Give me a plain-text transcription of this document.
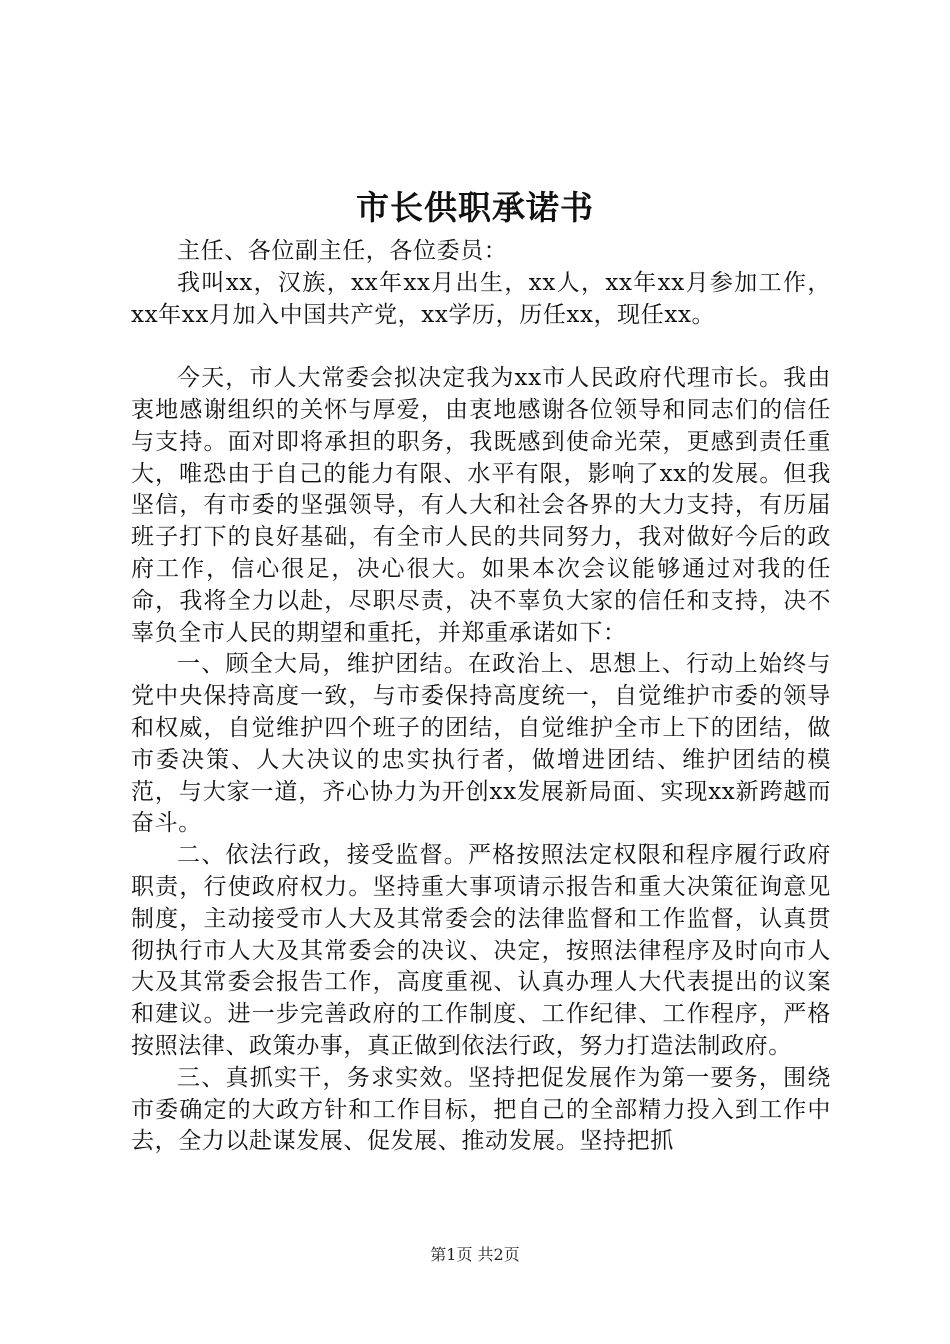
市长供职承诺书

主任、各位副主任，各位委员：

我叫xx，汉族，xx年xx月出生，xx人，xx年xx月参加工作，xx年xx月加入中国共产党，xx学历，历任xx，现任xx。

今天，市人大常委会拟决定我为xx市人民政府代理市长。我由衷地感谢组织的关怀与厚爱，由衷地感谢各位领导和同志们的信任与支持。面对即将承担的职务，我既感到使命光荣，更感到责任重大，唯恐由于自己的能力有限、水平有限，影响了xx的发展。但我坚信，有市委的坚强领导，有人大和社会各界的大力支持，有历届班子打下的良好基础，有全市人民的共同努力，我对做好今后的政府工作，信心很足，决心很大。如果本次会议能够通过对我的任命，我将全力以赴，尽职尽责，决不辜负大家的信任和支持，决不辜负全市人民的期望和重托，并郑重承诺如下：

一、顾全大局，维护团结。在政治上、思想上、行动上始终与党中央保持高度一致，与市委保持高度统一，自觉维护市委的领导和权威，自觉维护四个班子的团结，自觉维护全市上下的团结，做市委决策、人大决议的忠实执行者，做增进团结、维护团结的模范，与大家一道，齐心协力为开创xx发展新局面、实现xx新跨越而奋斗。

二、依法行政，接受监督。严格按照法定权限和程序履行政府职责，行使政府权力。坚持重大事项请示报告和重大决策征询意见制度，主动接受市人大及其常委会的法律监督和工作监督，认真贯彻执行市人大及其常委会的决议、决定，按照法律程序及时向市人大及其常委会报告工作，高度重视、认真办理人大代表提出的议案和建议。进一步完善政府的工作制度、工作纪律、工作程序，严格按照法律、政策办事，真正做到依法行政，努力打造法制政府。

三、真抓实干，务求实效。坚持把促发展作为第一要务，围绕市委确定的大政方针和工作目标，把自己的全部精力投入到工作中去，全力以赴谋发展、促发展、推动发展。坚持把抓

第1页 共2页
